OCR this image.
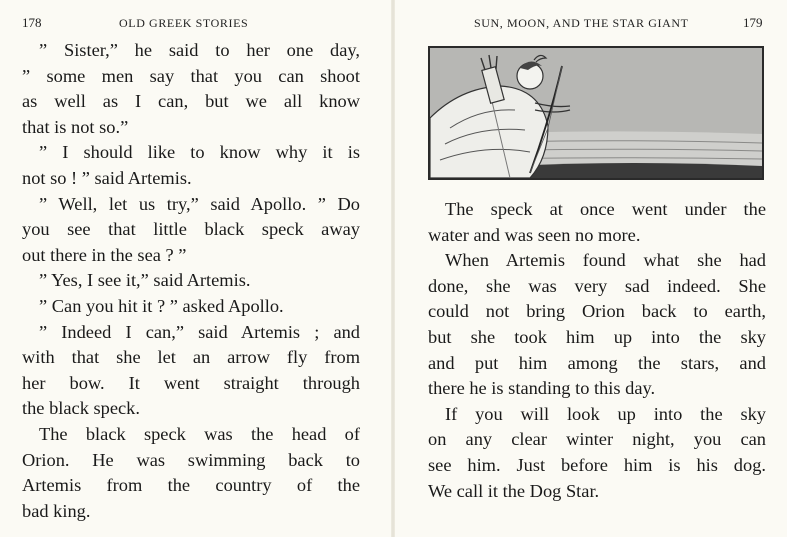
178	OLD GREEK STORIES

” Sister,” he said to her one day,
” some men say that you can shoot
as well as I can, but we all know
that is not so.”

” I should like to know why it is
not so ! ” said Artemis.

” Well, let us try,” said Apollo. ” Do
you see that little black speck away
out there in the sea ? ”

” Yes, I see it,” said Artemis.

” Can you hit it ? ” asked Apollo.

” Indeed I can,” said Artemis ; and
with that she let an arrow fly from
her bow. It went straight through
the black speck.

The black speck was the head of
Orion. He was swimming back to
Artemis from the country of the
bad king.

SUN, MOON, AND THE STAR GIANT	179

The speck at once went under the
water and was seen no more.

When Artemis found what she had
done, she was very sad indeed. She
could not bring Orion back to earth,
but she took him up into the sky
and put him among the stars, and
there he is standing to this day.

If you will look up into the sky
on any clear winter night, you can
see him. Just before him is his dog.
We call it the Dog Star.
